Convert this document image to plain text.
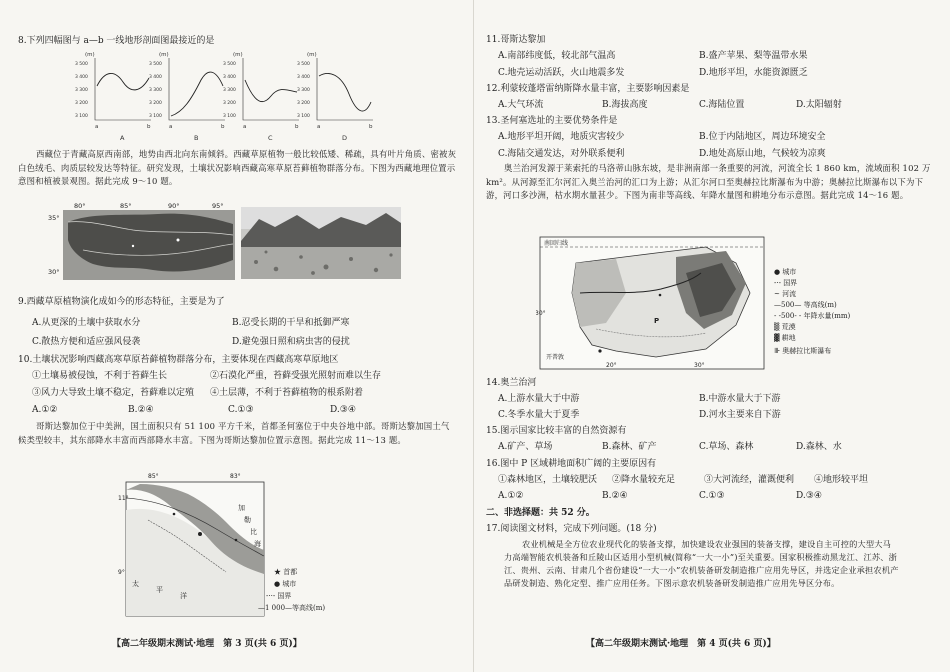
8.下列四幅图与 a—b 一线地形剖面图最接近的是
(m)
3 500
3 400
3 300
3 200
3 100
a	b
A
(m)
3 500
3 400
3 300
3 200
3 100
a	b
B
(m)
3 500
3 400
3 300
3 200
3 100
a	b
C
(m)
3 500
3 400
3 300
3 200
3 100
a	b
D
西藏位于青藏高原西南部，地势由西北向东南倾斜。西藏草原植物一般比较低矮、稀疏，具有叶片角质、密被灰白色绒毛、肉质层较发达等特征。研究发现，土壤状况影响西藏高寒草原苔藓植物群落分布。下图为西藏地理位置示意图和植被景观图。据此完成 9～10 题。
80°	85°	90°	95°
35°
30°
9.西藏草原植物演化成如今的形态特征，主要是为了
A.从更深的土壤中获取水分	B.忍受长期的干旱和抵御严寒
C.散热方便和适应强风侵袭	D.避免强日照和病虫害的侵扰
10.土壤状况影响西藏高寒草原苔藓植物群落分布，主要体现在西藏高寒草原地区
①土壤易被侵蚀，不利于苔藓生长	②石漠化严重，苔藓受强光照射而难以生存
③风力大导致土壤不稳定，苔藓难以定殖 ④土层薄，不利于苔藓植物的根系附着
A.①②	B.②④	C.①③	D.③④
哥斯达黎加位于中美洲，国土面积只有 51 100 平方千米，首都圣何塞位于中央谷地中部。哥斯达黎加国土气候类型较丰，其东部降水丰富而西部降水丰富。下图为哥斯达黎加位置示意图。据此完成 11～13 题。
85°	83°
11°
9°
加
勒
比
海
太
平
洋
★ 首都
● 城市
-··- 国界
—1 000—等高线(m)
【高二年级期末测试·地理　第 3 页(共 6 页)】
11.哥斯达黎加
A.南部纬度低，较北部气温高	B.盛产苹果、梨等温带水果
C.地壳运动活跃，火山地震多发	D.地形平坦，水能资源匮乏
12.利蒙较蓬塔雷纳斯降水量丰富，主要影响因素是
A.大气环流	B.海拔高度	C.海陆位置	D.太阳辐射
13.圣何塞选址的主要优势条件是
A.地形平坦开阔，地质灾害较少	B.位于内陆地区，周边环境安全
C.海陆交通发达，对外联系便利	D.地处高原山地，气候较为凉爽
奥兰治河发源于莱索托的马洛蒂山脉东坡，是非洲南部一条重要的河流，河流全长 1 860 km，流域面积 102 万 km²。从河源至汇尔河汇入奥兰治河的汇口为上游；从汇尔河口至奥赫拉比斯瀑布为中游；奥赫拉比斯瀑布以下为下游，河口多沙洲，枯水期水量甚少。下图为南非等高线、年降水量图和耕地分布示意图。据此完成 14～16 题。
南回归线
开普敦
20°	30°
30°
P
● 城市
-·- 国界
~ 河流
—500— 等高线(m)
- -500- - 年降水量(mm)
▒ 荒漠
▓ 耕地
⊪ 奥赫拉比斯瀑布
14.奥兰治河
A.上游水量大于中游	B.中游水量大于下游
C.冬季水量大于夏季	D.河水主要来自下游
15.图示国家比较丰富的自然资源有
A.矿产、草场	B.森林、矿产	C.草场、森林	D.森林、水
16.图中 P 区域耕地面积广阔的主要原因有
①森林地区，土壤较肥沃 ②降水量较充足	③大河流经，灌溉便利 ④地形较平坦
A.①②	B.②④	C.①③	D.③④
二、非选择题：共 52 分。
17.阅读图文材料，完成下列问题。(18 分)
农业机械是全方位农业现代化的装备支撑，加快建设农业强国的装备支撑，建设自主可控的大型大马力高端智能农机装备和丘陵山区适用小型机械(简称“一大一小”)至关重要。国家积极推动黑龙江、江苏、浙江、贵州、云南、甘肃几个省份建设“一大一小”农机装备研发制造推广应用先导区，并选定企业承担农机产品研发制造、熟化定型、推广应用任务。下图示意农机装备研发制造推广应用先导区分布。
【高二年级期末测试·地理　第 4 页(共 6 页)】
